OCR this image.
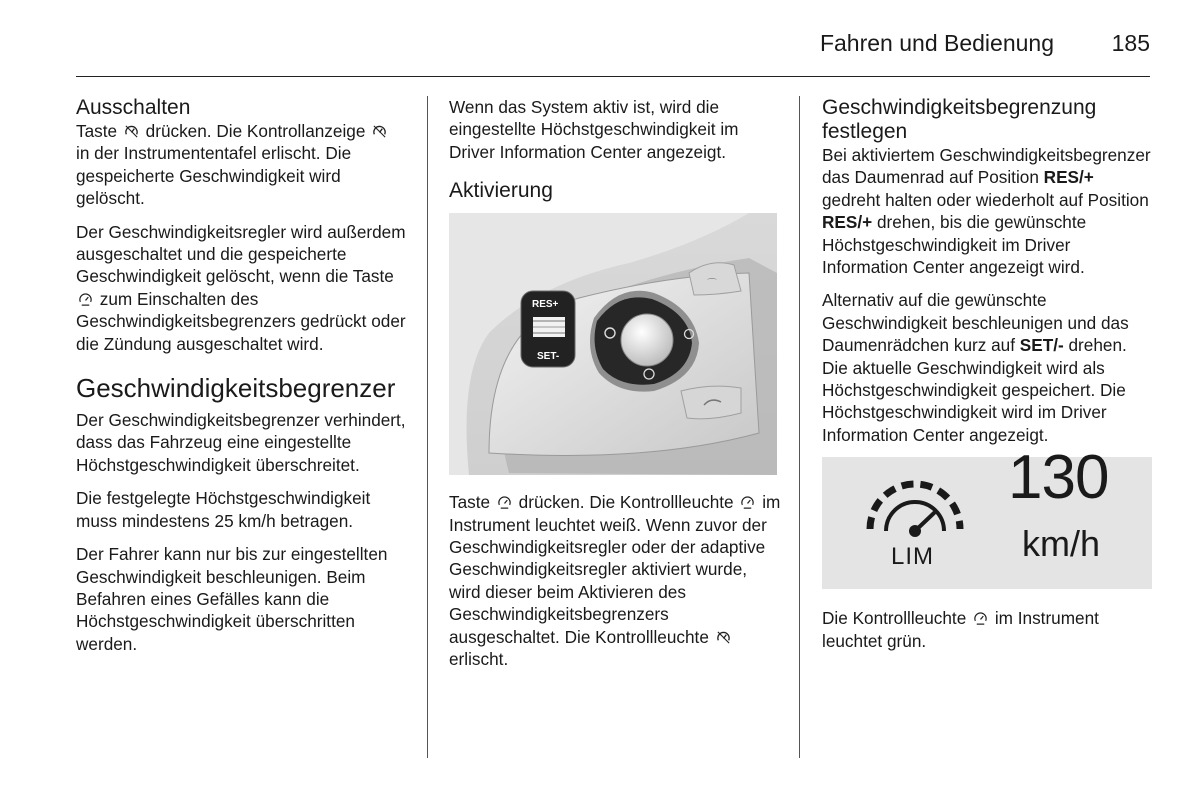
Fahren und Bedienung	185
Ausschalten

Taste drücken. Die Kontrollanzeige  in der Instrumententafel erlischt. Die gespeicherte Geschwindigkeit wird gelöscht.

Der Geschwindigkeitsregler wird außerdem ausgeschaltet und die gespeicherte Geschwindigkeit gelöscht, wenn die Taste  zum Einschalten des Geschwindigkeitsbegrenzers gedrückt oder die Zündung ausgeschaltet wird.

Geschwindigkeitsbegrenzer

Der Geschwindigkeitsbegrenzer verhindert, dass das Fahrzeug eine eingestellte Höchstgeschwindigkeit überschreitet.

Die festgelegte Höchstgeschwindigkeit muss mindestens 25 km/h betragen.

Der Fahrer kann nur bis zur eingestellten Geschwindigkeit beschleunigen. Beim Befahren eines Gefälles kann die Höchstgeschwindigkeit überschritten werden.

Wenn das System aktiv ist, wird die eingestellte Höchstgeschwindigkeit im Driver Information Center angezeigt.

Aktivierung
RES+
SET-
⌒

Taste drücken. Die Kontrollleuchte im Instrument leuchtet weiß. Wenn zuvor der Geschwindigkeitsregler oder der adaptive Geschwindigkeitsregler aktiviert wurde, wird dieser beim Aktivieren des Geschwindigkeitsbegrenzers ausgeschaltet. Die Kontrollleuchte  erlischt.

Geschwindigkeitsbegrenzung festlegen

Bei aktiviertem Geschwindigkeitsbegrenzer das Daumenrad auf Position RES/+ gedreht halten oder wiederholt auf Position RES/+ drehen, bis die gewünschte Höchstgeschwindigkeit im Driver Information Center angezeigt wird.

Alternativ auf die gewünschte Geschwindigkeit beschleunigen und das Daumenrädchen kurz auf SET/- drehen. Die aktuelle Geschwindigkeit wird als Höchstgeschwindigkeit gespeichert. Die Höchstgeschwindigkeit wird im Driver Information Center angezeigt.

LIM
130
km/h

Die Kontrollleuchte im Instrument leuchtet grün.
